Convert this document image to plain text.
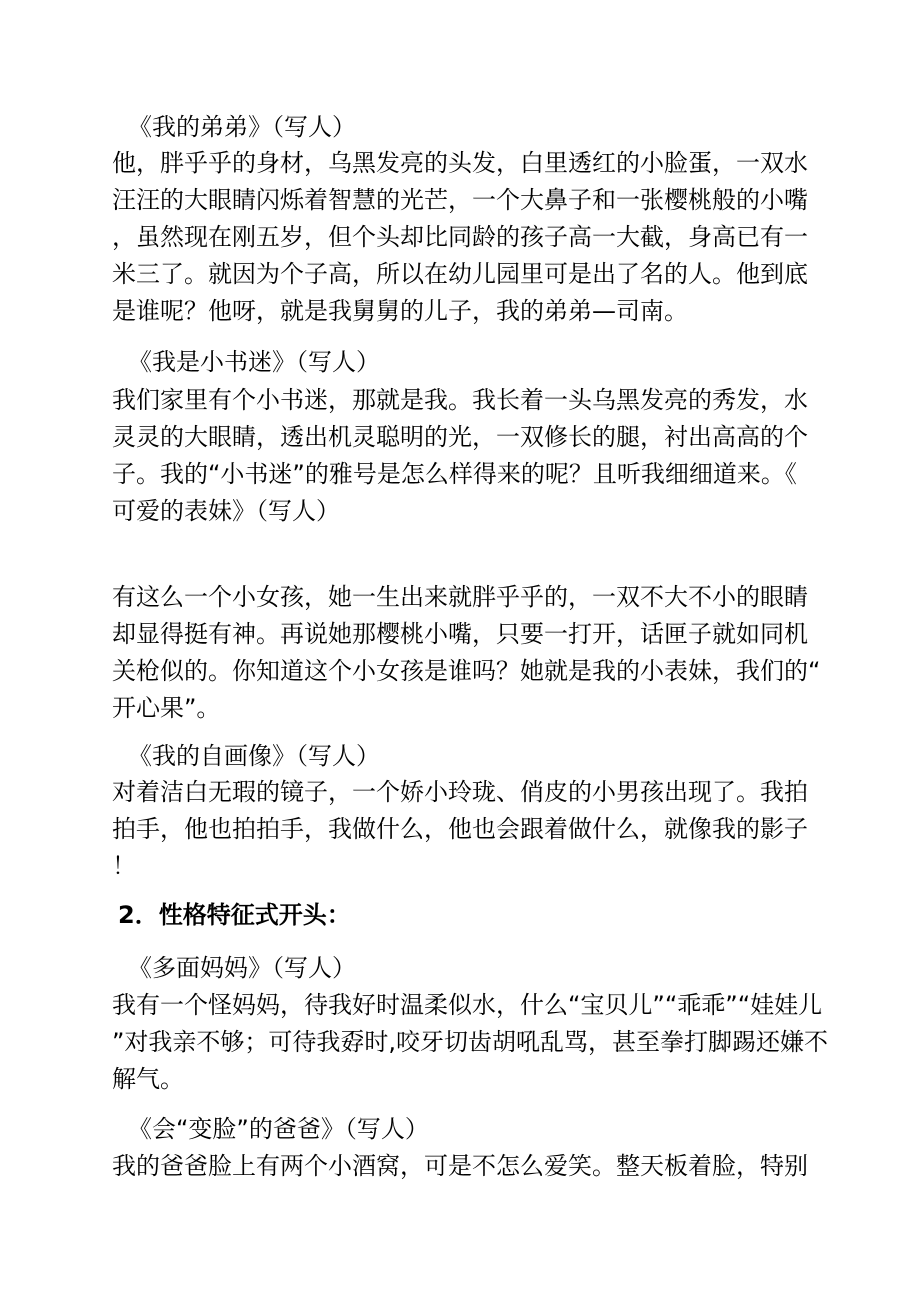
《我的弟弟》（写人）

他，胖乎乎的身材，乌黑发亮的头发，白里透红的小脸蛋，一双水

汪汪的大眼睛闪烁着智慧的光芒，一个大鼻子和一张樱桃般的小嘴

，虽然现在刚五岁，但个头却比同龄的孩子高一大截，身高已有一

米三了。就因为个子高，所以在幼儿园里可是出了名的人。他到底

是谁呢？他呀，就是我舅舅的儿子，我的弟弟—司南。

《我是小书迷》（写人）

我们家里有个小书迷，那就是我。我长着一头乌黑发亮的秀发，水

灵灵的大眼睛，透出机灵聪明的光，一双修长的腿，衬出高高的个

子。我的“小书迷”的雅号是怎么样得来的呢？且听我细细道来。《

可爱的表妹》（写人）

有这么一个小女孩，她一生出来就胖乎乎的，一双不大不小的眼睛

却显得挺有神。再说她那樱桃小嘴，只要一打开，话匣子就如同机

关枪似的。你知道这个小女孩是谁吗？她就是我的小表妹，我们的“

开心果”。

《我的自画像》（写人）

对着洁白无瑕的镜子，一个娇小玲珑、俏皮的小男孩出现了。我拍

拍手，他也拍拍手，我做什么，他也会跟着做什么，就像我的影子

！

2．性格特征式开头：

《多面妈妈》（写人）

我有一个怪妈妈，待我好时温柔似水，什么“宝贝儿”“乖乖”“娃娃儿

”对我亲不够；可待我孬时,咬牙切齿胡吼乱骂，甚至拳打脚踢还嫌不

解气。

《会“变脸”的爸爸》（写人）

我的爸爸脸上有两个小酒窝，可是不怎么爱笑。整天板着脸，特别
